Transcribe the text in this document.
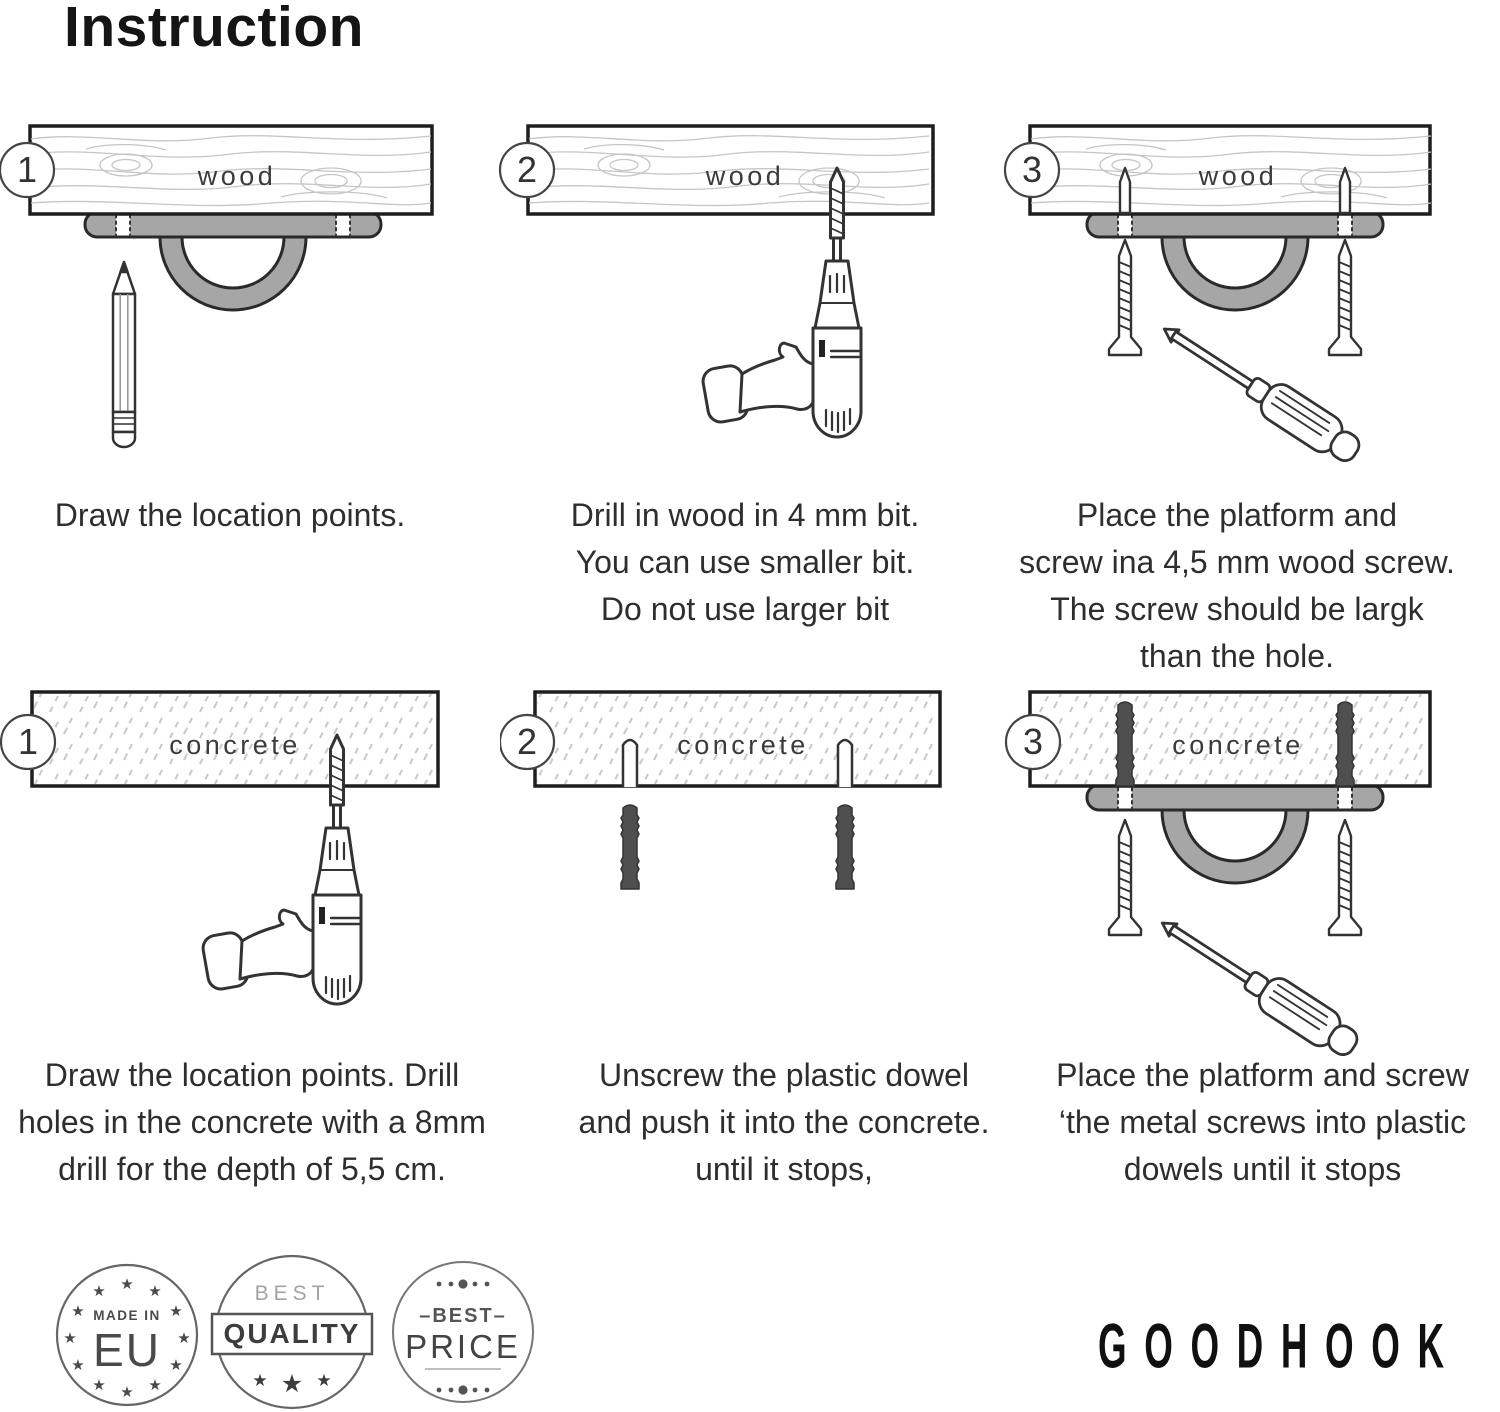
Instruction
1	wood	2	wood	3	wood
Draw the location points.	Drill in wood in 4 mm bit.
You can use smaller bit.
Do not use larger bit
Place the platform and
screw ina 4,5 mm wood screw.
The screw should be largk
than the hole.
1	concrete	2	concrete	3	concrete
Draw the location points. Drill
holes in the concrete with a 8mm
drill for the depth of 5,5 cm.
Unscrew the plastic dowel
and push it into the concrete.
until it stops,
Place the platform and screw
‘the metal screws into plastic
dowels until it stops
★ ★
★
★
★
★
★
★
★
★
★
★
MADE IN
EU
BEST
QUALITY
★ ★ ★
–BEST–
PRICE	GOODHOOK
